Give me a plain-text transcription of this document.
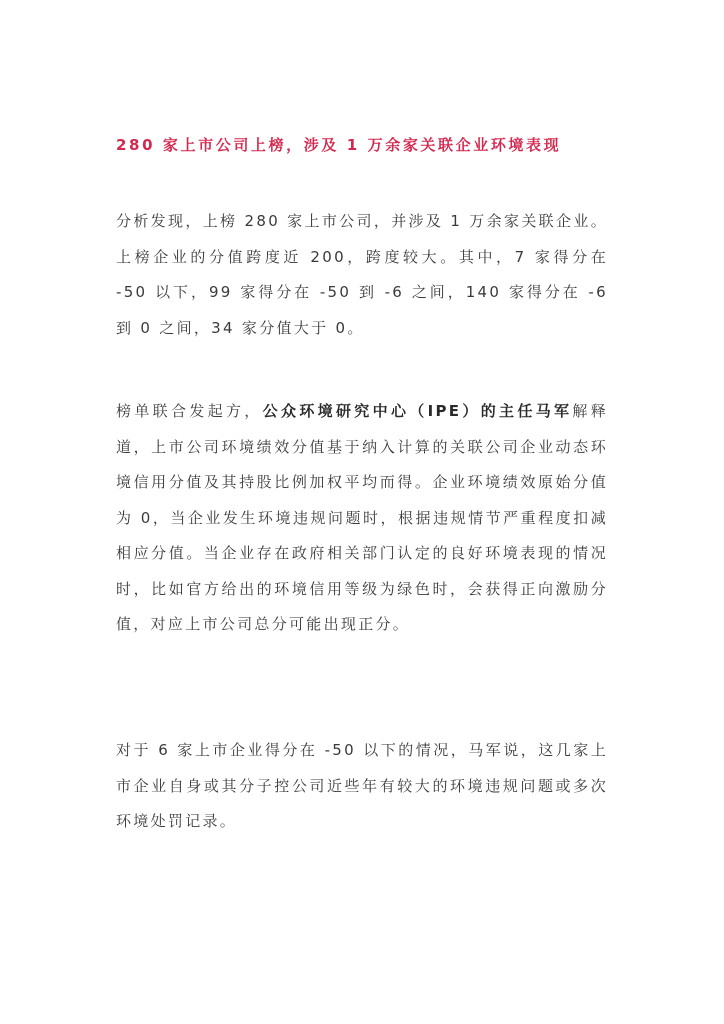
280 家上市公司上榜，涉及 1 万余家关联企业环境表现

分析发现，上榜 280 家上市公司，并涉及 1 万余家关联企业。上榜企业的分值跨度近 200，跨度较大。其中，7 家得分在 -50 以下，99 家得分在 -50 到 -6 之间，140 家得分在 -6 到 0 之间，34 家分值大于 0。

榜单联合发起方，公众环境研究中心（IPE）的主任马军解释道，上市公司环境绩效分值基于纳入计算的关联公司企业动态环境信用分值及其持股比例加权平均而得。企业环境绩效原始分值为 0，当企业发生环境违规问题时，根据违规情节严重程度扣减相应分值。当企业存在政府相关部门认定的良好环境表现的情况时，比如官方给出的环境信用等级为绿色时，会获得正向激励分值，对应上市公司总分可能出现正分。

对于 6 家上市企业得分在 -50 以下的情况，马军说，这几家上市企业自身或其分子控公司近些年有较大的环境违规问题或多次环境处罚记录。
